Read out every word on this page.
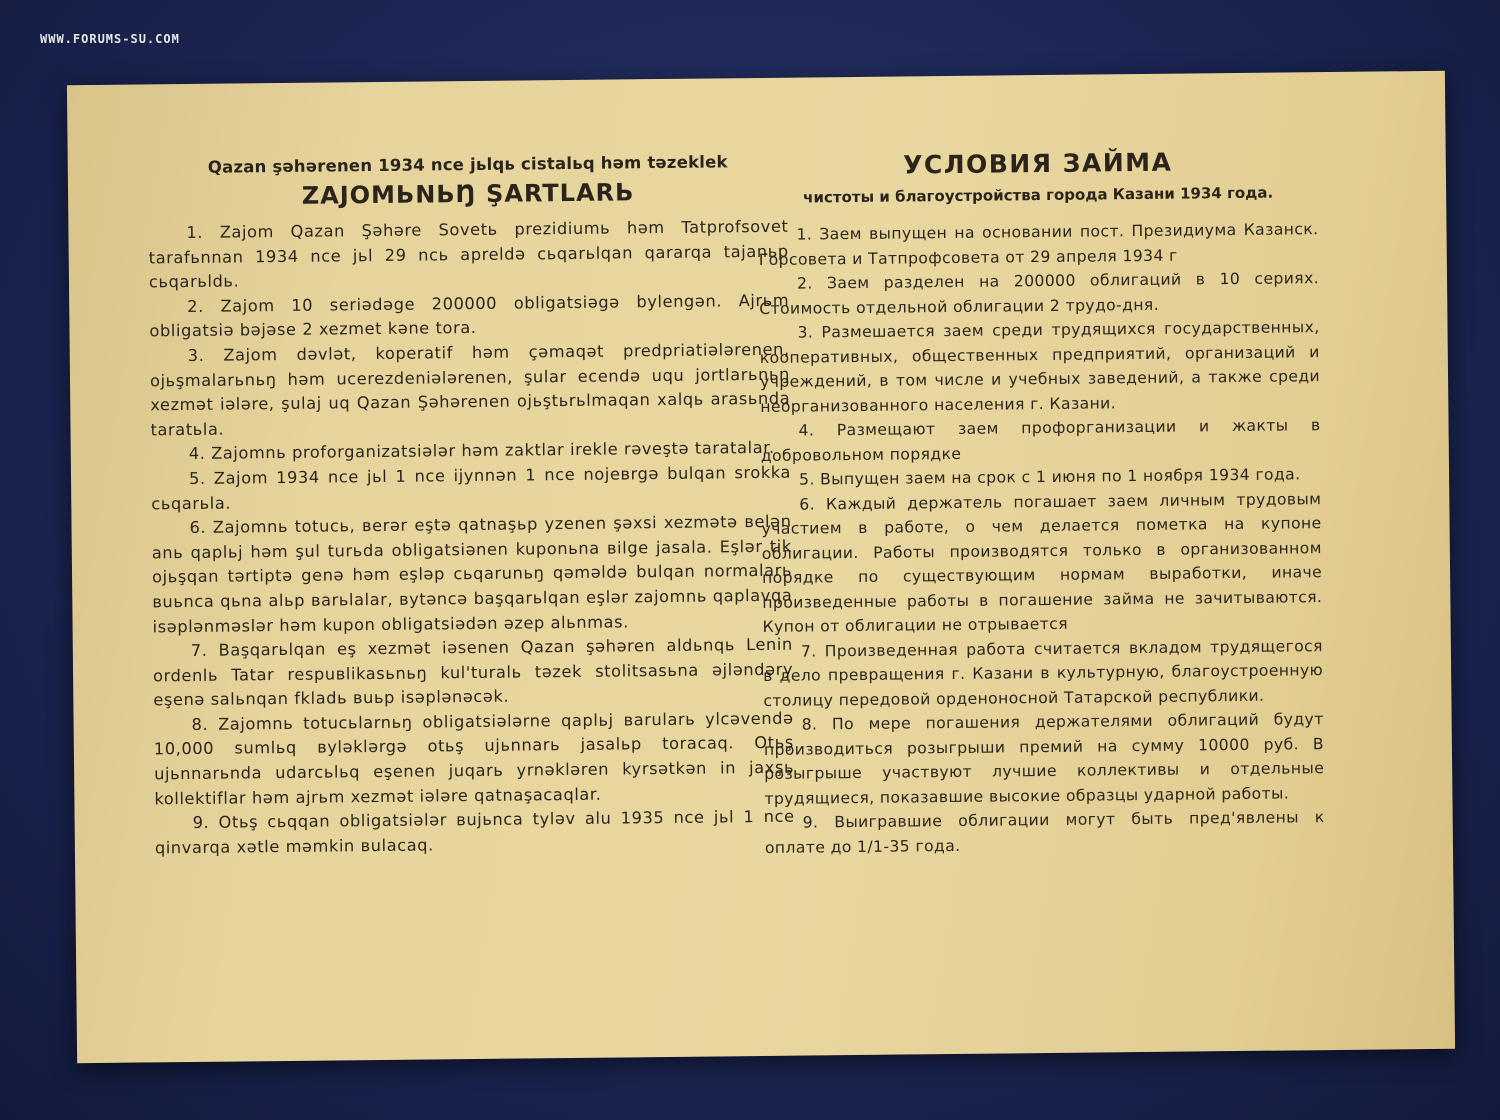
WWW.FORUMS-SU.COM

Qazan şəhərenen 1934 nce jьlqь cistalьq həm təzeklek

ZAJOMЬNЬŊ ŞARTLARЬ

1. Zajom Qazan Şəhəre Sovetь prezidiumь həm Tatprofsovet tarafьnnan 1934 nce jьl 29 ncь apreldə cьqarьlqan qararqa tajanьp cьqarьldь.

2. Zajom 10 seriədəge 200000 obligatsiəgə bylengən. Ajrьm obligatsiə bəjəse 2 xezmet kəne tora.

3. Zajom dəvlət, koperatif həm çəmaqət predpriatiələrenen, ojьşmalarьnьŋ həm ucerezdeniələrenen, şular ecendə uqu jortlarьnьŋ xezmət iələre, şulaj uq Qazan Şəhərenen ojьştьrьlmaqan xalqь arasьnda taratьla.

4. Zajomnь proforganizatsiələr həm zaktlar irekle rəveştə taratalar.

5. Zajom 1934 nce jьl 1 nce ijynnən 1 nce nojeвrgə bulqan srokka cьqarьla.

6. Zajomnь totucь, вerər eştə qatnaşьp yzenen şəxsi xezmətə вelən anь qaplьj həm şul turьda obligatsiənen kuponьna вilge jasala. Eşlər tik ojьşqan tərtiptə genə həm eşləp cьqarunьŋ qəməldə bulqan normalarь вuьnca qьna alьp вarьlalar, вytəncə başqarьlqan eşlər zajomnь qaplavqa isəplənməslər həm kupon obligatsiədən əzep alьnmas.

7. Başqarьlqan eş xezmət iəsenen Qazan şəhəren aldьnqь Lenin ordenlь Tatar respuвlikasьnьŋ kul'turalь təzek stolitsasьna əjləndəry eşenə salьnqan fkladь вuьp isəplənəcək.

8. Zajomnь totucьlarnьŋ obligatsiələrne qaplьj вarularь ylcəvendə 10,000 sumlьq вyləklərgə otьş ujьnnarь jasalьp toracaq. Otьş ujьnnarьnda udarcьlьq eşenen juqarь yrnəkləren kyrsətkən in jaxşь kollektiflar həm ajrьm xezmət iələre qatnaşacaqlar.

9. Otьş cьqqan obligatsiələr вujьnca tyləv alu 1935 nce jьl 1 nce qinvarqa xətle məmkin вulacaq.

УСЛОВИЯ ЗАЙМА

чистоты и благоустройства города Казани 1934 года.

1. Заем выпущен на основании пост. Президиума Казанск. Горсовета и Татпрофсовета от 29 апреля 1934 г

2. Заем разделен на 200000 облигаций в 10 сериях. Стоимость отдельной облигации 2 трудо-дня.

3. Размешается заем среди трудящихся государственных, кооперативных, общественных предприятий, организаций и учреждений, в том числе и учебных заведений, а также среди неорганизованного населения г. Казани.

4. Размещают заем профорганизации и жакты в добровольном порядке

5. Выпущен заем на срок с 1 июня по 1 ноября 1934 года.

6. Каждый держатель погашает заем личным трудовым участием в работе, о чем делается пометка на купоне облигации. Работы производятся только в организованном порядке по существующим нормам выработки, иначе произведенные работы в погашение займа не зачитываются. Купон от облигации не отрывается

7. Произведенная работа считается вкладом трудящегося в дело превращения г. Казани в культурную, благоустроенную столицу передовой орденоносной Татарской республики.

8. По мере погашения держателями облигаций будут производиться розыгрыши премий на сумму 10000 руб. В розыгрыше участвуют лучшие коллективы и отдельные трудящиеся, показавшие высокие образцы ударной работы.

9. Выигравшие облигации могут быть пред'явлены к оплате до 1/1-35 года.
